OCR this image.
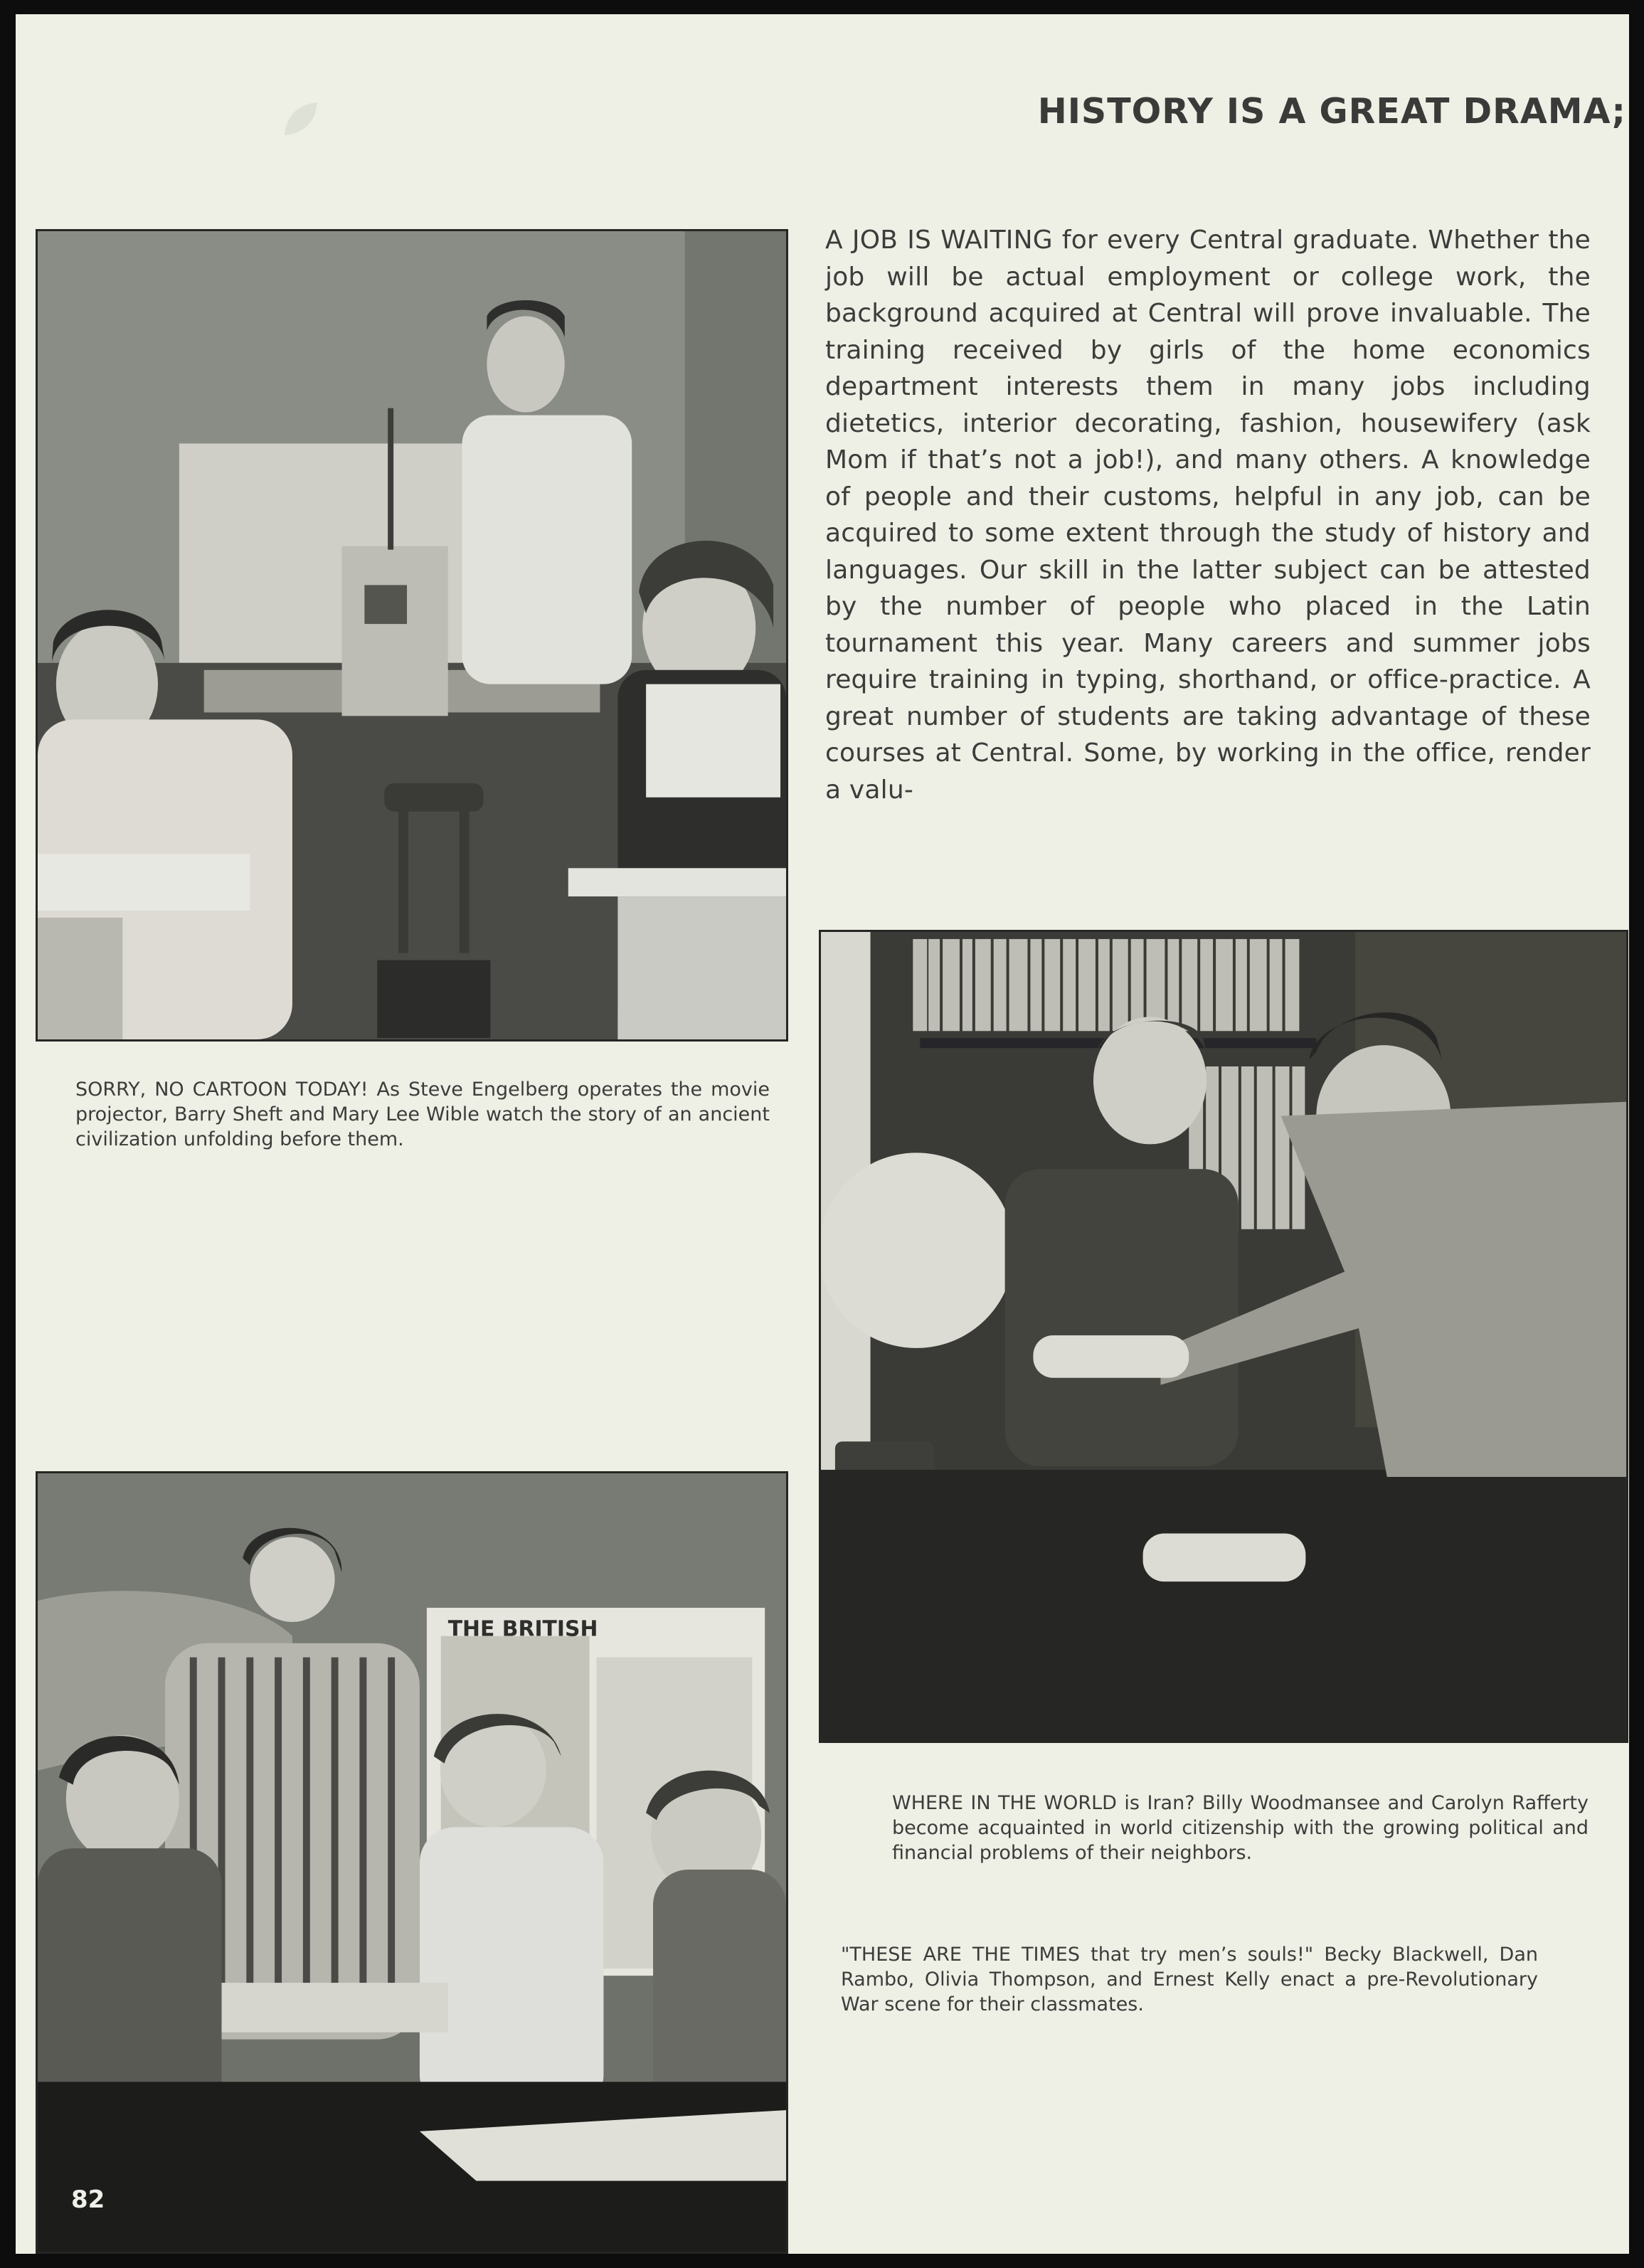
HISTORY IS A GREAT DRAMA;

A JOB IS WAITING for every Central graduate. Whether the job will be actual employment or college work, the background acquired at Central will prove invaluable. The training received by girls of the home economics department interests them in many jobs including dietetics, interior decorating, fashion, housewifery (ask Mom if that’s not a job!), and many others. A knowledge of people and their customs, helpful in any job, can be acquired to some extent through the study of history and languages. Our skill in the latter subject can be attested by the number of people who placed in the Latin tournament this year. Many careers and summer jobs require training in typing, shorthand, or office-practice. A great number of students are taking advantage of these courses at Central. Some, by working in the office, render a valu-

SORRY, NO CARTOON TODAY! As Steve Engelberg operates the movie projector, Barry Sheft and Mary Lee Wible watch the story of an ancient civilization unfolding before them.

WHERE IN THE WORLD is Iran? Billy Woodmansee and Carolyn Rafferty become acquainted in world citizenship with the growing political and financial problems of their neighbors.

"THESE ARE THE TIMES that try men’s souls!" Becky Blackwell, Dan Rambo, Olivia Thompson, and Ernest Kelly enact a pre-Revolutionary War scene for their classmates.

THE BRITISH
82
